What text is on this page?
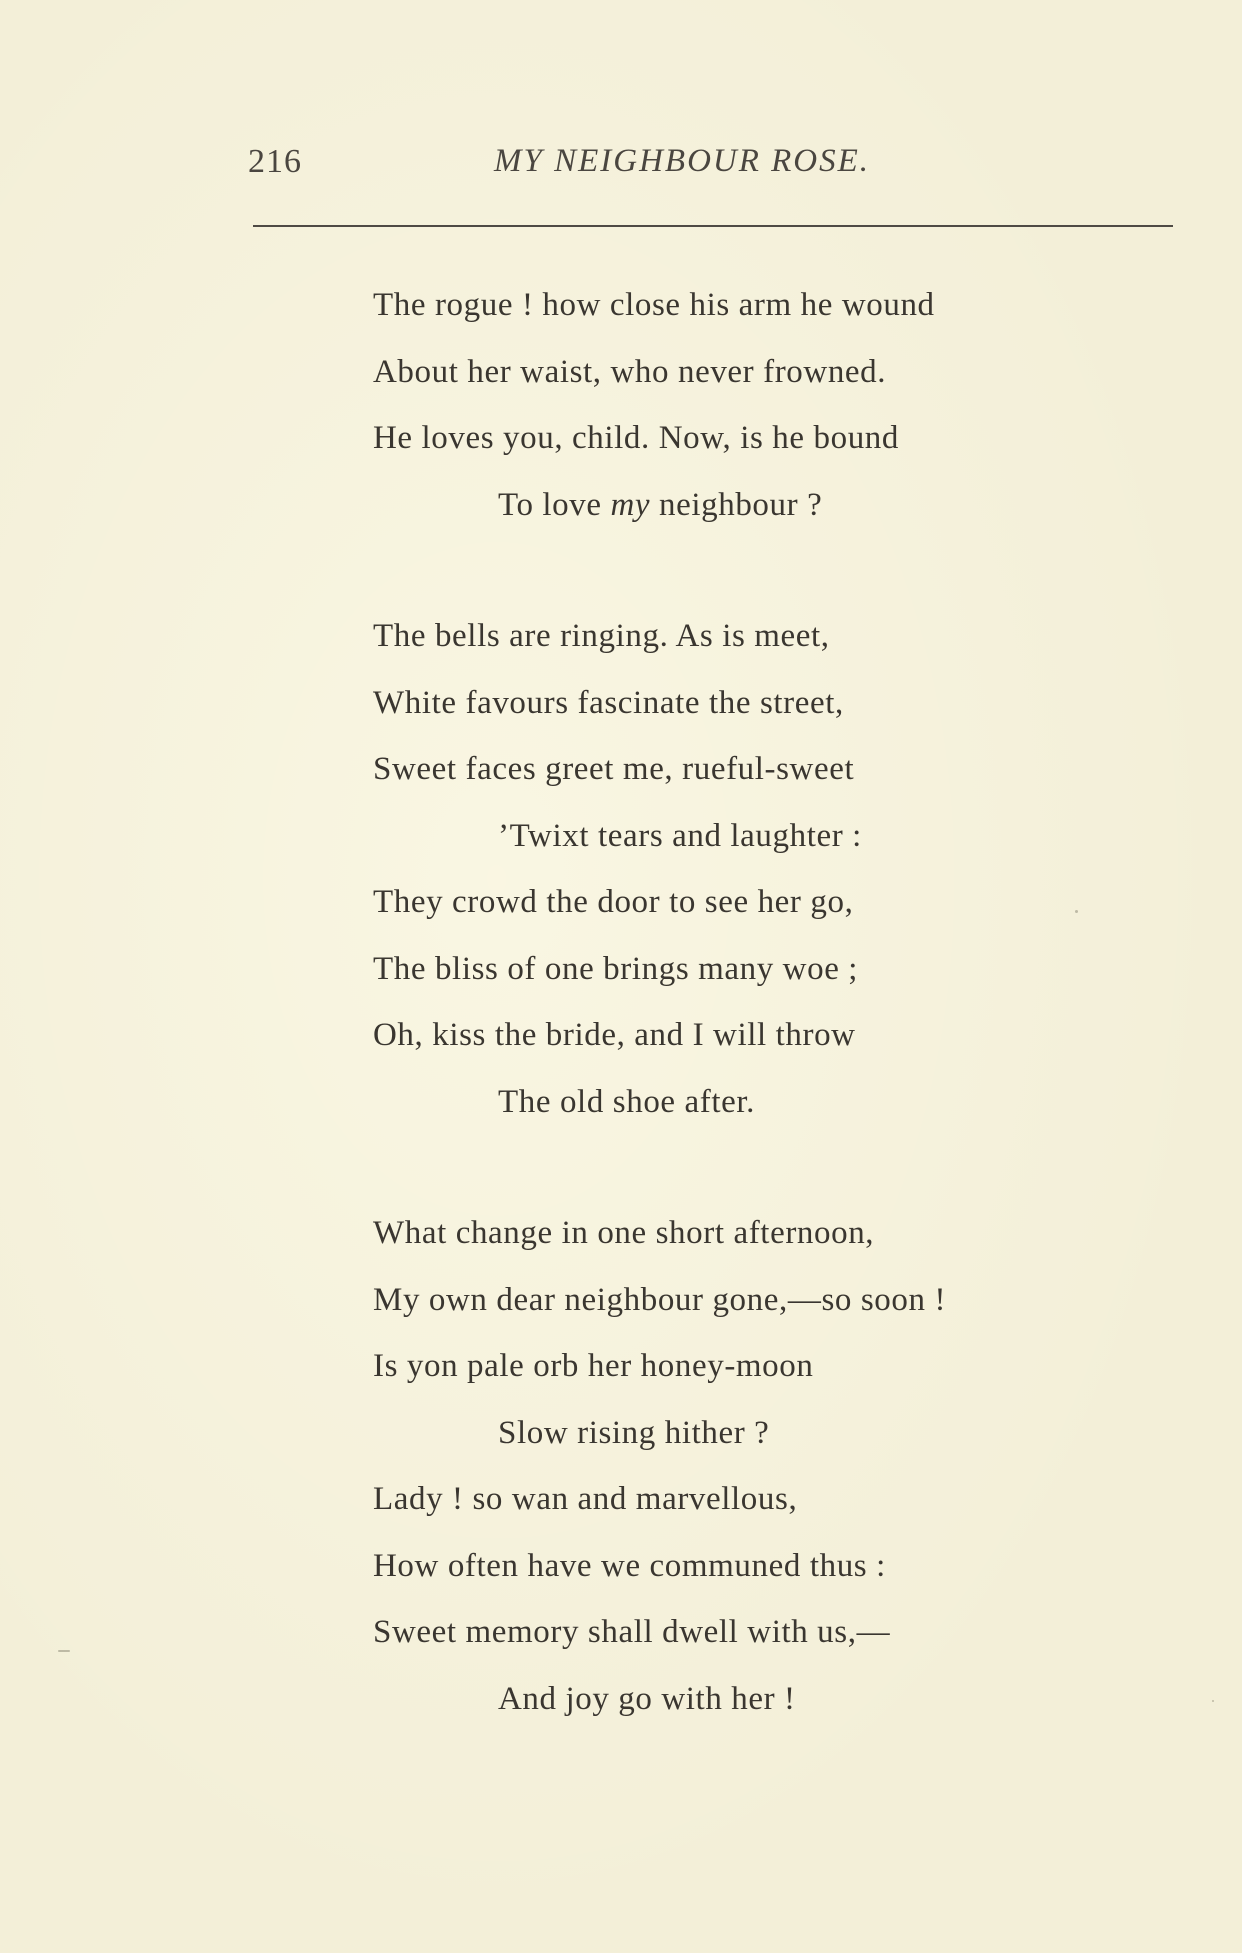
216	MY NEIGHBOUR ROSE.
The rogue ! how close his arm he wound
About her waist, who never frowned.
He loves you, child. Now, is he bound
To love my neighbour ?
The bells are ringing. As is meet,
White favours fascinate the street,
Sweet faces greet me, rueful-sweet
’Twixt tears and laughter :
They crowd the door to see her go,
The bliss of one brings many woe ;
Oh, kiss the bride, and I will throw
The old shoe after.
What change in one short afternoon,
My own dear neighbour gone,—so soon !
Is yon pale orb her honey-moon
Slow rising hither ?
Lady ! so wan and marvellous,
How often have we communed thus :
Sweet memory shall dwell with us,—
And joy go with her !
